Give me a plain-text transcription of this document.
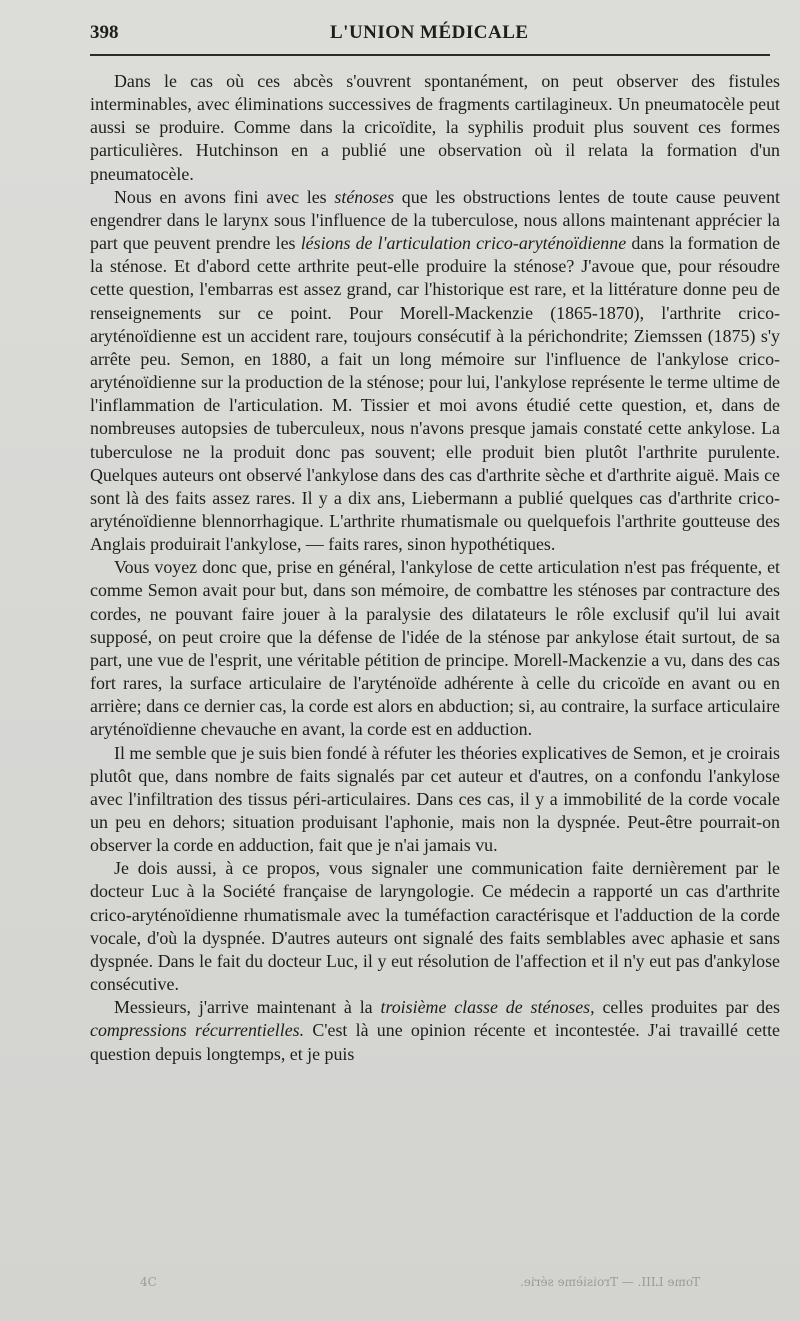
398	L'UNION MÉDICALE

Dans le cas où ces abcès s'ouvrent spontanément, on peut observer des fistules interminables, avec éliminations successives de fragments cartilagineux. Un pneumatocèle peut aussi se produire. Comme dans la cricoïdite, la syphilis produit plus souvent ces formes particulières. Hutchinson en a publié une observation où il relata la formation d'un pneumatocèle.

Nous en avons fini avec les sténoses que les obstructions lentes de toute cause peuvent engendrer dans le larynx sous l'influence de la tuberculose, nous allons maintenant apprécier la part que peuvent prendre les lésions de l'articulation crico-aryténoïdienne dans la formation de la sténose. Et d'abord cette arthrite peut-elle produire la sténose? J'avoue que, pour résoudre cette question, l'embarras est assez grand, car l'historique est rare, et la littérature donne peu de renseignements sur ce point. Pour Morell-Mackenzie (1865-1870), l'arthrite crico-aryténoïdienne est un accident rare, toujours consécutif à la périchondrite; Ziemssen (1875) s'y arrête peu. Semon, en 1880, a fait un long mémoire sur l'influence de l'ankylose crico-aryténoïdienne sur la production de la sténose; pour lui, l'ankylose représente le terme ultime de l'inflammation de l'articulation. M. Tissier et moi avons étudié cette question, et, dans de nombreuses autopsies de tuberculeux, nous n'avons presque jamais constaté cette ankylose. La tuberculose ne la produit donc pas souvent; elle produit bien plutôt l'arthrite purulente. Quelques auteurs ont observé l'ankylose dans des cas d'arthrite sèche et d'arthrite aiguë. Mais ce sont là des faits assez rares. Il y a dix ans, Liebermann a publié quelques cas d'arthrite crico-aryténoïdienne blennorrhagique. L'arthrite rhumatismale ou quelquefois l'arthrite goutteuse des Anglais produirait l'ankylose, — faits rares, sinon hypothétiques.

Vous voyez donc que, prise en général, l'ankylose de cette articulation n'est pas fréquente, et comme Semon avait pour but, dans son mémoire, de combattre les sténoses par contracture des cordes, ne pouvant faire jouer à la paralysie des dilatateurs le rôle exclusif qu'il lui avait supposé, on peut croire que la défense de l'idée de la sténose par ankylose était surtout, de sa part, une vue de l'esprit, une véritable pétition de principe. Morell-Mackenzie a vu, dans des cas fort rares, la surface articulaire de l'aryténoïde adhérente à celle du cricoïde en avant ou en arrière; dans ce dernier cas, la corde est alors en abduction; si, au contraire, la surface articulaire aryténoïdienne chevauche en avant, la corde est en adduction.

Il me semble que je suis bien fondé à réfuter les théories explicatives de Semon, et je croirais plutôt que, dans nombre de faits signalés par cet auteur et d'autres, on a confondu l'ankylose avec l'infiltration des tissus péri-articulaires. Dans ces cas, il y a immobilité de la corde vocale un peu en dehors; situation produisant l'aphonie, mais non la dyspnée. Peut-être pourrait-on observer la corde en adduction, fait que je n'ai jamais vu.

Je dois aussi, à ce propos, vous signaler une communication faite dernièrement par le docteur Luc à la Société française de laryngologie. Ce médecin a rapporté un cas d'arthrite crico-aryténoïdienne rhumatismale avec la tuméfaction caractérisque et l'adduction de la corde vocale, d'où la dyspnée. D'autres auteurs ont signalé des faits semblables avec aphasie et sans dyspnée. Dans le fait du docteur Luc, il y eut résolution de l'affection et il n'y eut pas d'ankylose consécutive.

Messieurs, j'arrive maintenant à la troisième classe de sténoses, celles produites par des compressions récurrentielles. C'est là une opinion récente et incontestée. J'ai travaillé cette question depuis longtemps, et je puis

4C	Tome LIII. — Troisième série.
